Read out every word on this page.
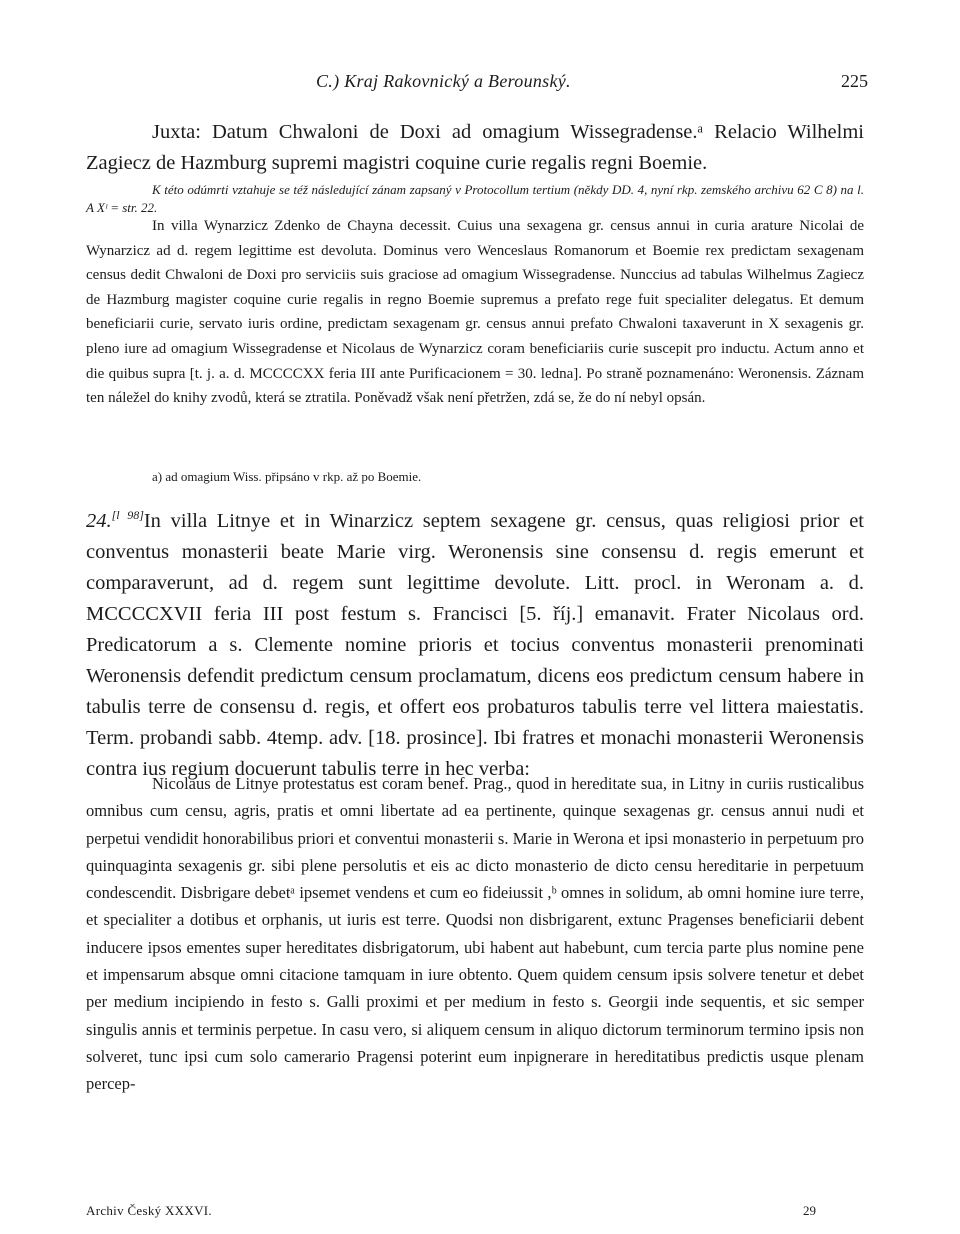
C.) Kraj Rakovnický a Berounský.	225

Juxta: Datum Chwaloni de Doxi ad omagium Wissegradense.ᵃ Relacio Wilhelmi Zagiecz de Hazmburg supremi magistri coquine curie regalis regni Boemie.

K této odúmrti vztahuje se též následující zánam zapsaný v Protocollum tertium (někdy DD. 4, nyní rkp. zemského archivu 62 C 8) na l. A Xᶦ = str. 22.

In villa Wynarzicz Zdenko de Chayna decessit. Cuius una sexagena gr. census annui in curia arature Nicolai de Wynarzicz ad d. regem legittime est devoluta. Dominus vero Wenceslaus Romanorum et Boemie rex predictam sexagenam census dedit Chwaloni de Doxi pro serviciis suis graciose ad omagium Wissegradense. Nunccius ad tabulas Wilhelmus Zagiecz de Hazmburg magister coquine curie regalis in regno Boemie supremus a prefato rege fuit specialiter delegatus. Et demum beneficiarii curie, servato iuris ordine, predictam sexagenam gr. census annui prefato Chwaloni taxaverunt in X sexagenis gr. pleno iure ad omagium Wissegradense et Nicolaus de Wynarzicz coram beneficiariis curie suscepit pro inductu. Actum anno et die quibus supra [t. j. a. d. MCCCCXX feria III ante Purificacionem = 30. ledna]. Po straně poznamenáno: Weronensis. Záznam ten náležel do knihy zvodů, která se ztratila. Poněvadž však není přetržen, zdá se, že do ní nebyl opsán.

a) ad omagium Wiss. připsáno v rkp. až po Boemie.

24.[l 98]In villa Litnye et in Winarzicz septem sexagene gr. census, quas religiosi prior et conventus monasterii beate Marie virg. Weronensis sine consensu d. regis emerunt et comparaverunt, ad d. regem sunt legittime devolute. Litt. procl. in Weronam a. d. MCCCCXVII feria III post festum s. Francisci [5. říj.] emanavit. Frater Nicolaus ord. Predicatorum a s. Clemente nomine prioris et tocius conventus monasterii prenominati Weronensis defendit predictum censum proclamatum, dicens eos predictum censum habere in tabulis terre de consensu d. regis, et offert eos probaturos tabulis terre vel littera maiestatis. Term. probandi sabb. 4temp. adv. [18. prosince]. Ibi fratres et monachi monasterii Weronensis contra ius regium docuerunt tabulis terre in hec verba:

Nicolaus de Litnye protestatus est coram benef. Prag., quod in hereditate sua, in Litny in curiis rusticalibus omnibus cum censu, agris, pratis et omni libertate ad ea pertinente, quinque sexagenas gr. census annui nudi et perpetui vendidit honorabilibus priori et conventui monasterii s. Marie in Werona et ipsi monasterio in perpetuum pro quinquaginta sexagenis gr. sibi plene persolutis et eis ac dicto monasterio de dicto censu hereditarie in perpetuum condescendit. Disbrigare debetᵃ ipsemet vendens et cum eo fideiussit ,ᵇ omnes in solidum, ab omni homine iure terre, et specialiter a dotibus et orphanis, ut iuris est terre. Quodsi non disbrigarent, extunc Pragenses beneficiarii debent inducere ipsos ementes super hereditates disbrigatorum, ubi habent aut habebunt, cum tercia parte plus nomine pene et impensarum absque omni citacione tamquam in iure obtento. Quem quidem censum ipsis solvere tenetur et debet per medium incipiendo in festo s. Galli proximi et per medium in festo s. Georgii inde sequentis, et sic semper singulis annis et terminis perpetue. In casu vero, si aliquem censum in aliquo dictorum terminorum termino ipsis non solveret, tunc ipsi cum solo camerario Pragensi poterint eum inpignerare in hereditatibus predictis usque plenam percep-

Archiv Český XXXVI.	29
